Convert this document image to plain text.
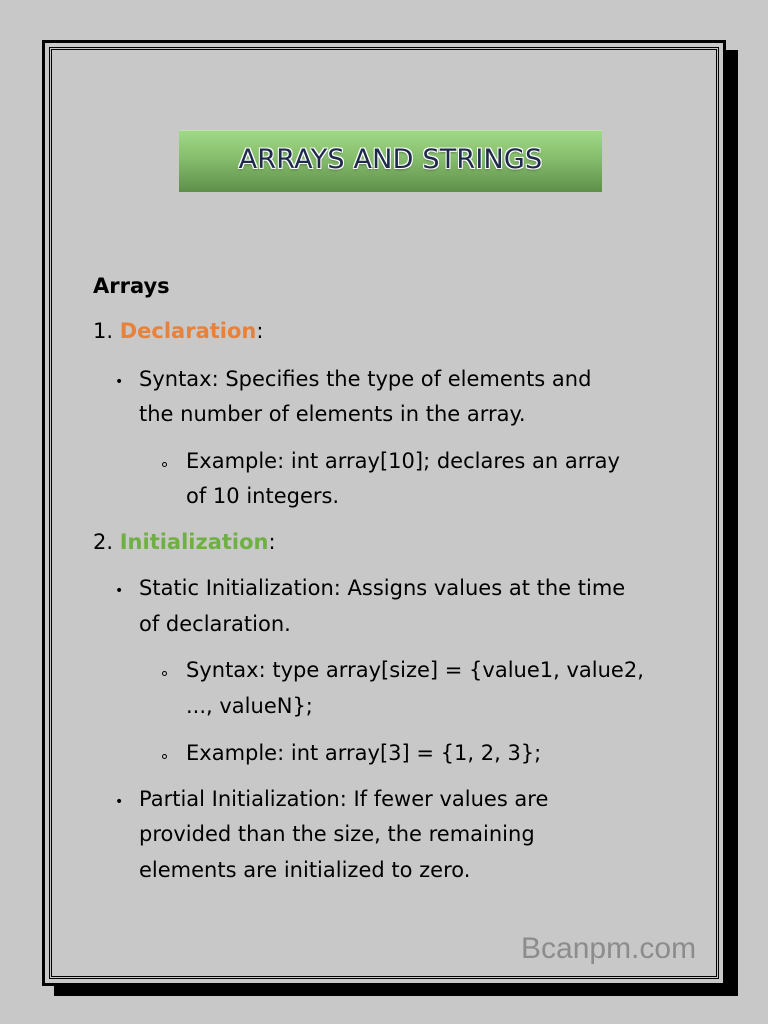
ARRAYS AND STRINGS
Arrays
1. Declaration:
• Syntax: Specifies the type of elements and
the number of elements in the array.
Example: int array[10]; declares an array
of 10 integers.
2. Initialization:
• Static Initialization: Assigns values at the time
of declaration.
Syntax: type array[size] = {value1, value2,
..., valueN};
Example: int array[3] = {1, 2, 3};
• Partial Initialization: If fewer values are
provided than the size, the remaining
elements are initialized to zero.
Bcanpm.com
